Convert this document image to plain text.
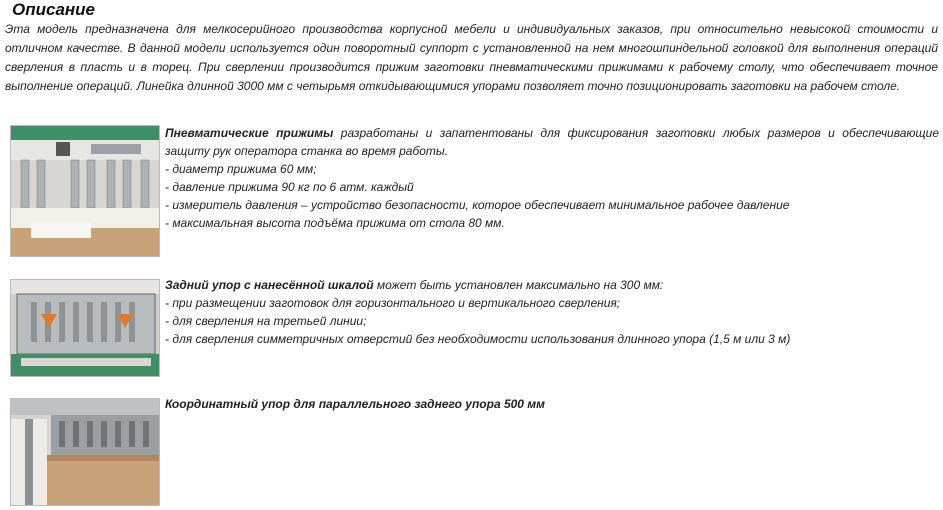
Описание
Эта модель предназначена для мелкосерийного производства корпусной мебели и индивидуальных заказов, при относительно невысокой стоимости и отличном качестве. В данной модели используется один поворотный суппорт с установленной на нем многошпиндельной головкой для выполнения операций сверления в пласть и в торец. При сверлении производится прижим заготовки пневматическими прижимами к рабочему столу, что обеспечивает точное выполнение операций. Линейка длинной 3000 мм с четырьмя откидывающимися упорами позволяет точно позиционировать заготовки на рабочем столе.
Пневматические прижимы разработаны и запатентованы для фиксирования заготовки любых размеров и обеспечивающие защиту рук оператора станка во время работы.
- диаметр прижима 60 мм;
- давление прижима 90 кг по 6 атм. каждый
- измеритель давления – устройство безопасности, которое обеспечивает минимальное рабочее давление
- максимальная высота подъёма прижима от стола 80 мм.
Задний упор с нанесённой шкалой может быть установлен максимально на 300 мм:
- при размещении заготовок для горизонтального и вертикального сверления;
- для сверления на третьей линии;
- для сверления симметричных отверстий без необходимости использования длинного упора (1,5 м или 3 м)
Координатный упор для параллельного заднего упора 500 мм
